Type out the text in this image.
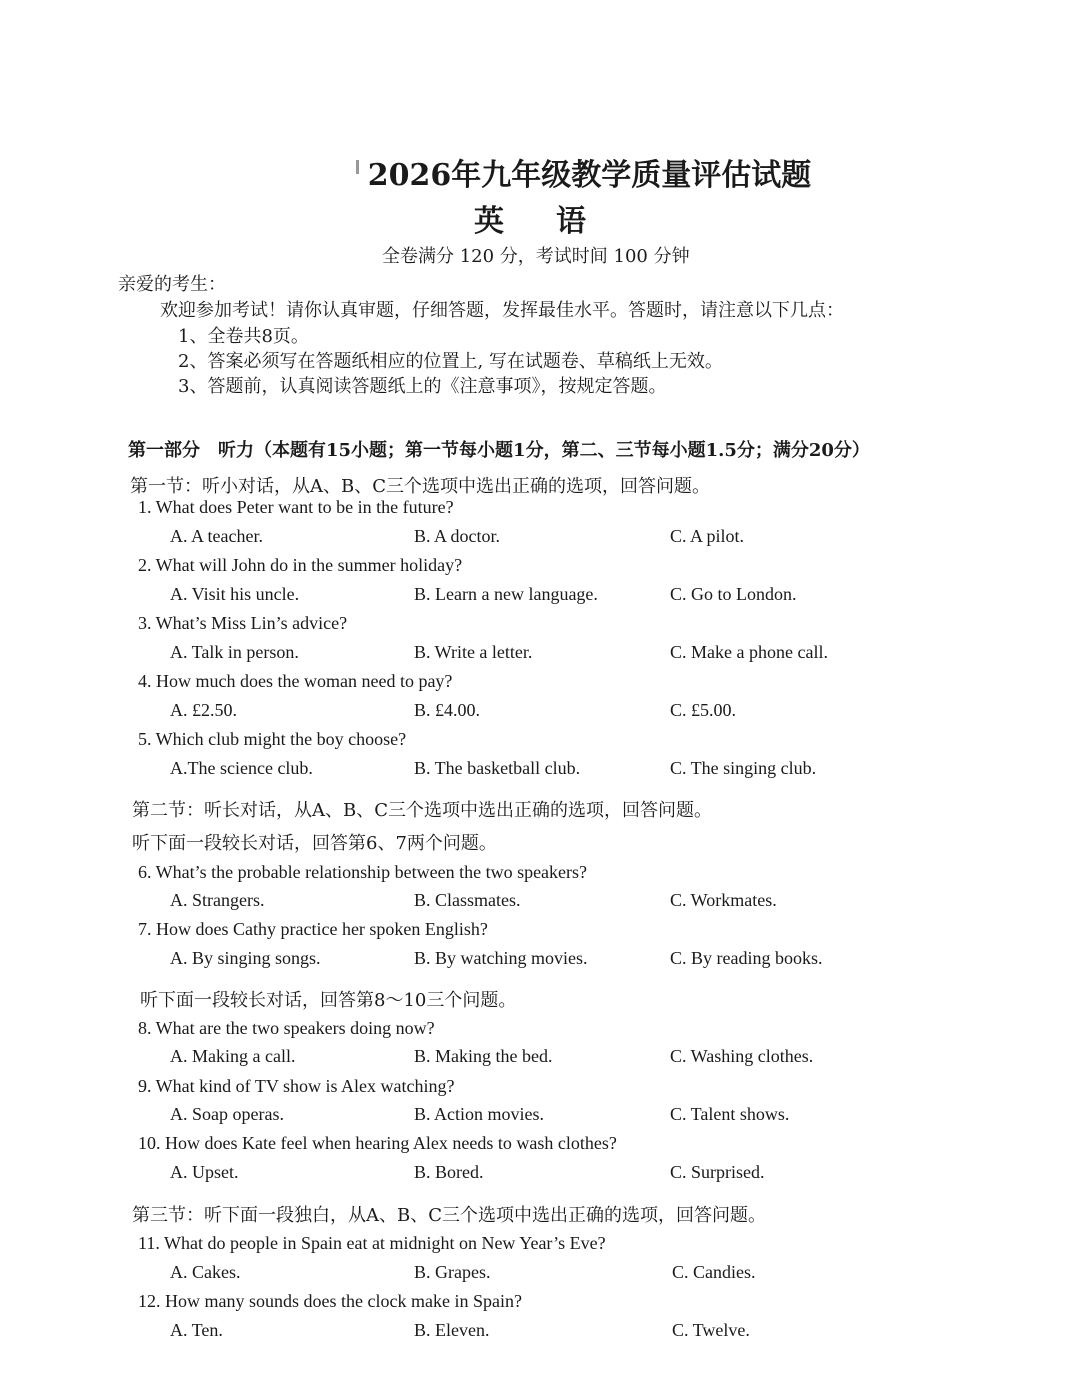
2026年九年级教学质量评估试题
英语
全卷满分 120 分，考试时间 100 分钟
亲爱的考生：
欢迎参加考试！请你认真审题，仔细答题，发挥最佳水平。答题时，请注意以下几点：
1、全卷共8页。
2、答案必须写在答题纸相应的位置上, 写在试题卷、草稿纸上无效。
3、答题前，认真阅读答题纸上的《注意事项》，按规定答题。
第一部分　听力（本题有15小题；第一节每小题1分，第二、三节每小题1.5分；满分20分）
第一节：听小对话，从A、B、C三个选项中选出正确的选项，回答问题。
1. What does Peter want to be in the future?
A. A teacher.	B. A doctor.	C. A pilot.
2. What will John do in the summer holiday?
A. Visit his uncle.	B. Learn a new language.	C. Go to London.
3. What’s Miss Lin’s advice?
A. Talk in person.	B. Write a letter.	C. Make a phone call.
4. How much does the woman need to pay?
A. £2.50.	B. £4.00.	C. £5.00.
5. Which club might the boy choose?
A.The science club.	B. The basketball club.	C. The singing club.
第二节：听长对话，从A、B、C三个选项中选出正确的选项，回答问题。
听下面一段较长对话，回答第6、7两个问题。
6. What’s the probable relationship between the two speakers?
A. Strangers.	B. Classmates.	C. Workmates.
7. How does Cathy practice her spoken English?
A. By singing songs.	B. By watching movies.	C. By reading books.
听下面一段较长对话，回答第8～10三个问题。
8. What are the two speakers doing now?
A. Making a call.	B. Making the bed.	C. Washing clothes.
9. What kind of TV show is Alex watching?
A. Soap operas.	B. Action movies.	C. Talent shows.
10. How does Kate feel when hearing Alex needs to wash clothes?
A. Upset.	B. Bored.	C. Surprised.
第三节：听下面一段独白，从A、B、C三个选项中选出正确的选项，回答问题。
11. What do people in Spain eat at midnight on New Year’s Eve?
A. Cakes.	B. Grapes.	C. Candies.
12. How many sounds does the clock make in Spain?
A. Ten.	B. Eleven.	C. Twelve.
